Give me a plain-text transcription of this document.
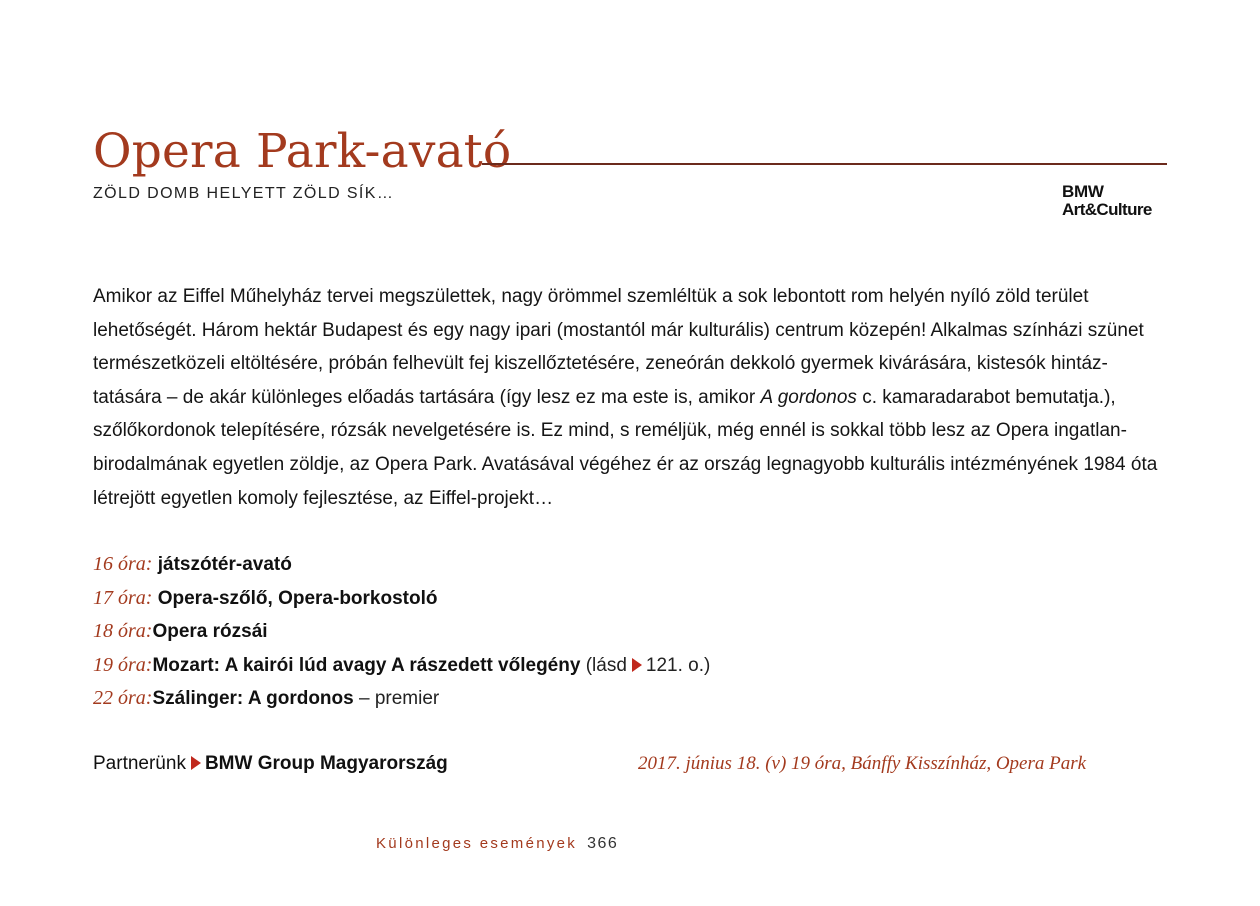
Opera Park-avató
ZÖLD DOMB HELYETT ZÖLD SÍK…	BMW
Art&Culture

Amikor az Eiffel Műhelyház tervei megszülettek, nagy örömmel szemléltük a sok lebontott rom helyén nyíló zöld terület
lehetőségét. Három hektár Budapest és egy nagy ipari (mostantól már kulturális) centrum közepén! Alkalmas színházi szünet
természetközeli eltöltésére, próbán felhevült fej kiszellőztetésére, zeneórán dekkoló gyermek kivárására, kistesók hintáz-
tatására – de akár különleges előadás tartására (így lesz ez ma este is, amikor A gordonos c. kamaradarabot bemutatja.),
szőlőkordonok telepítésére, rózsák nevelgetésére is. Ez mind, s reméljük, még ennél is sokkal több lesz az Opera ingatlan-
birodalmának egyetlen zöldje, az Opera Park. Avatásával végéhez ér az ország legnagyobb kulturális intézményének 1984 óta
létrejött egyetlen komoly fejlesztése, az Eiffel-projekt…

16 óra: játszótér-avató
17 óra: Opera-szőlő, Opera-borkostoló
18 óra:Opera rózsái
19 óra:Mozart: A kairói lúd avagy A rászedett vőlegény (lásd 121. o.)
22 óra:Szálinger: A gordonos – premier
Partnerünk BMW Group Magyarország	2017. június 18. (v) 19 óra, Bánffy Kisszínház, Opera Park
Különleges események 366
